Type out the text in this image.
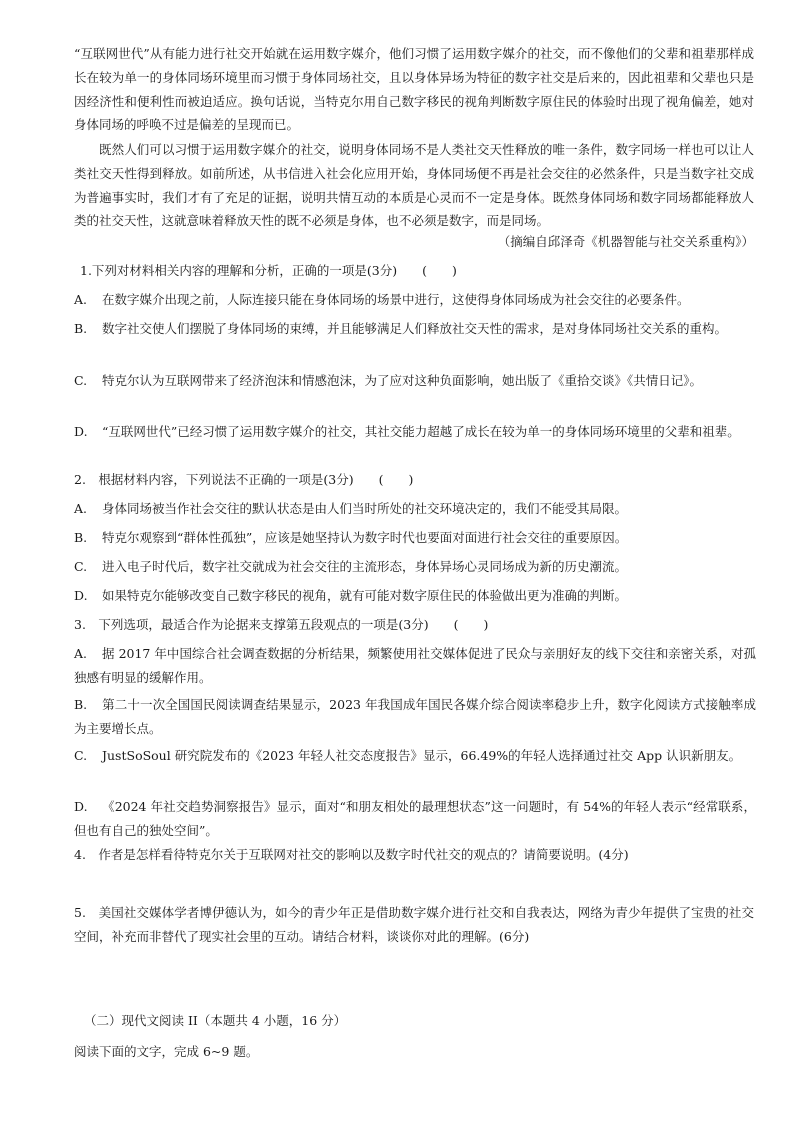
“互联网世代”从有能力进行社交开始就在运用数字媒介，他们习惯了运用数字媒介的社交，而不像他们的父辈和祖辈那样成长在较为单一的身体同场环境里而习惯于身体同场社交，且以身体异场为特征的数字社交是后来的，因此祖辈和父辈也只是因经济性和便利性而被迫适应。换句话说，当特克尔用自己数字移民的视角判断数字原住民的体验时出现了视角偏差，她对身体同场的呼唤不过是偏差的呈现而已。

既然人们可以习惯于运用数字媒介的社交，说明身体同场不是人类社交天性释放的唯一条件，数字同场一样也可以让人类社交天性得到释放。如前所述，从书信进入社会化应用开始，身体同场便不再是社会交往的必然条件，只是当数字社交成为普遍事实时，我们才有了充足的证据，说明共情互动的本质是心灵而不一定是身体。既然身体同场和数字同场都能释放人类的社交天性，这就意味着释放天性的既不必须是身体，也不必须是数字，而是同场。

（摘编自邱泽奇《机器智能与社交关系重构》）

1.下列对材料相关内容的理解和分析，正确的一项是(3分)　　(　　)

A. 在数字媒介出现之前，人际连接只能在身体同场的场景中进行，这使得身体同场成为社会交往的必要条件。

B. 数字社交使人们摆脱了身体同场的束缚，并且能够满足人们释放社交天性的需求，是对身体同场社交关系的重构。

C. 特克尔认为互联网带来了经济泡沫和情感泡沫，为了应对这种负面影响，她出版了《重拾交谈》《共情日记》。

D. “互联网世代”已经习惯了运用数字媒介的社交，其社交能力超越了成长在较为单一的身体同场环境里的父辈和祖辈。

2.　根据材料内容，下列说法不正确的一项是(3分)　　(　　)

A. 身体同场被当作社会交往的默认状态是由人们当时所处的社交环境决定的，我们不能受其局限。

B. 特克尔观察到“群体性孤独”，应该是她坚持认为数字时代也要面对面进行社会交往的重要原因。

C. 进入电子时代后，数字社交就成为社会交往的主流形态，身体异场心灵同场成为新的历史潮流。

D. 如果特克尔能够改变自己数字移民的视角，就有可能对数字原住民的体验做出更为准确的判断。

3.　下列选项，最适合作为论据来支撑第五段观点的一项是(3分)　　(　　)

A. 据 2017 年中国综合社会调查数据的分析结果，频繁使用社交媒体促进了民众与亲朋好友的线下交往和亲密关系，对孤独感有明显的缓解作用。

B. 第二十一次全国国民阅读调查结果显示，2023 年我国成年国民各媒介综合阅读率稳步上升，数字化阅读方式接触率成为主要增长点。

C. JustSoSoul 研究院发布的《2023 年轻人社交态度报告》显示，66.49%的年轻人选择通过社交 App 认识新朋友。

D. 《2024 年社交趋势洞察报告》显示，面对“和朋友相处的最理想状态”这一问题时，有 54%的年轻人表示“经常联系，但也有自己的独处空间”。

4.　作者是怎样看待特克尔关于互联网对社交的影响以及数字时代社交的观点的？请简要说明。(4分)

5.　美国社交媒体学者博伊德认为，如今的青少年正是借助数字媒介进行社交和自我表达，网络为青少年提供了宝贵的社交空间，补充而非替代了现实社会里的互动。请结合材料，谈谈你对此的理解。(6分)

（二）现代文阅读 II（本题共 4 小题，16 分）

阅读下面的文字，完成 6~9 题。
